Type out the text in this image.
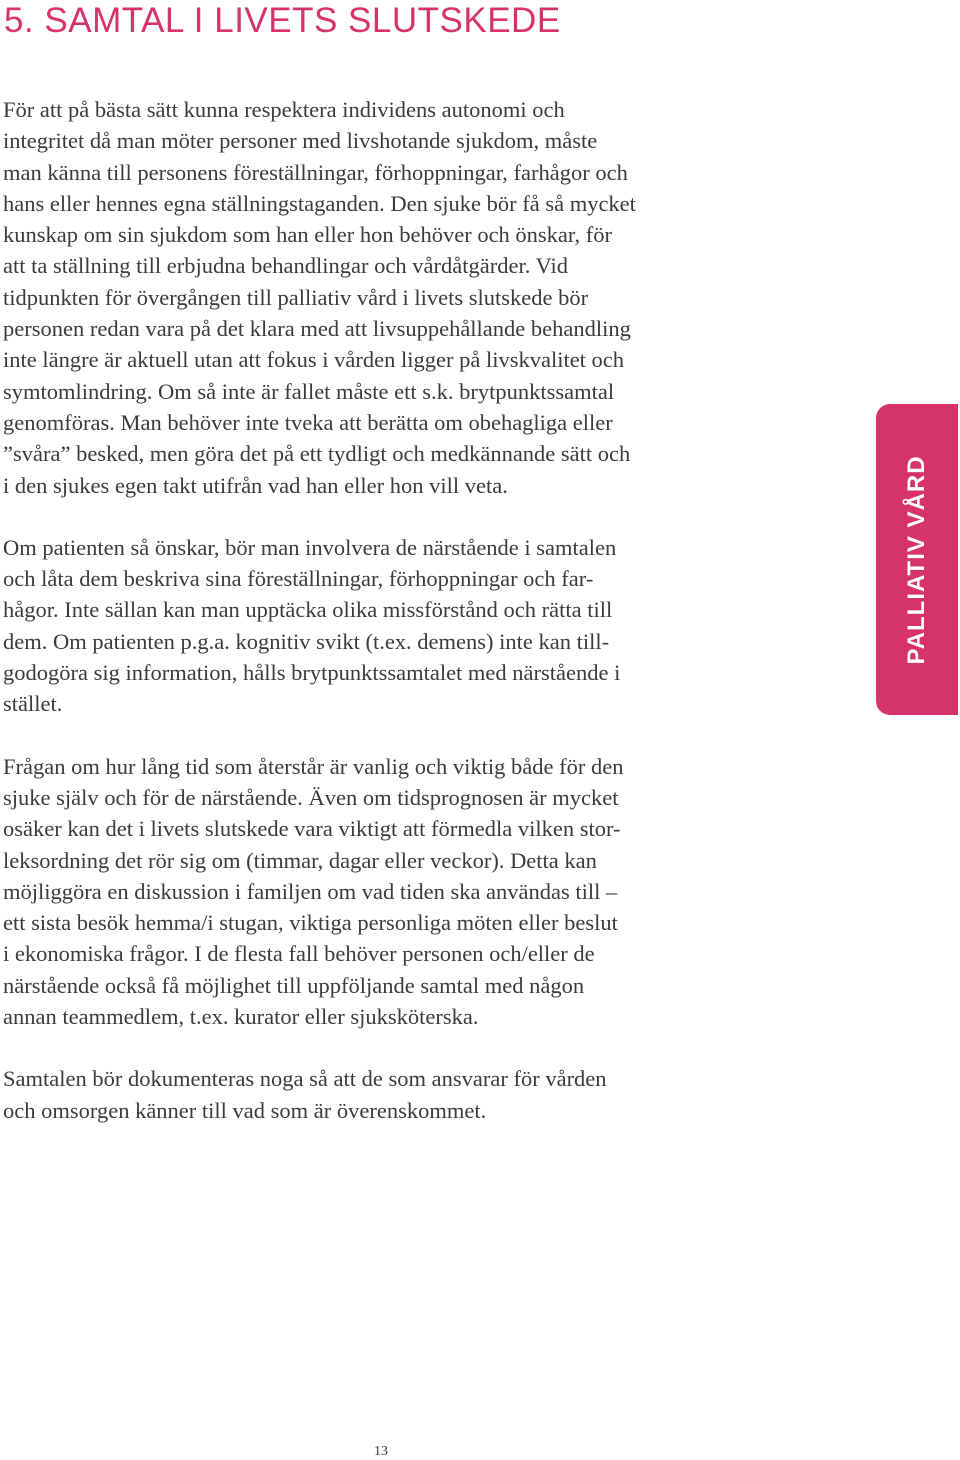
5. SAMTAL I LIVETS SLUTSKEDE

För att på bästa sätt kunna respektera individens autonomi och
integritet då man möter personer med livshotande sjukdom, måste
man känna till personens föreställningar, förhoppningar, farhågor och
hans eller hennes egna ställningstaganden. Den sjuke bör få så mycket
kunskap om sin sjukdom som han eller hon behöver och önskar, för
att ta ställning till erbjudna behandlingar och vårdåtgärder. Vid
tidpunkten för övergången till palliativ vård i livets slutskede bör
personen redan vara på det klara med att livsuppehållande behandling
inte längre är aktuell utan att fokus i vården ligger på livskvalitet och
symtomlindring. Om så inte är fallet måste ett s.k. brytpunktssamtal
genomföras. Man behöver inte tveka att berätta om obehagliga eller
”svåra” besked, men göra det på ett tydligt och medkännande sätt och
i den sjukes egen takt utifrån vad han eller hon vill veta.

Om patienten så önskar, bör man involvera de närstående i samtalen
och låta dem beskriva sina föreställningar, förhoppningar och far-
hågor. Inte sällan kan man upptäcka olika missförstånd och rätta till
dem. Om patienten p.g.a. kognitiv svikt (t.ex. demens) inte kan till-
godogöra sig information, hålls brytpunktssamtalet med närstående i
stället.

Frågan om hur lång tid som återstår är vanlig och viktig både för den
sjuke själv och för de närstående. Även om tidsprognosen är mycket
osäker kan det i livets slutskede vara viktigt att förmedla vilken stor-
leksordning det rör sig om (timmar, dagar eller veckor). Detta kan
möjliggöra en diskussion i familjen om vad tiden ska användas till –
ett sista besök hemma/i stugan, viktiga personliga möten eller beslut
i ekonomiska frågor. I de flesta fall behöver personen och/eller de
närstående också få möjlighet till uppföljande samtal med någon
annan teammedlem, t.ex. kurator eller sjuksköterska.

Samtalen bör dokumenteras noga så att de som ansvarar för vården
och omsorgen känner till vad som är överenskommet.

PALLIATIV VÅRD
13
